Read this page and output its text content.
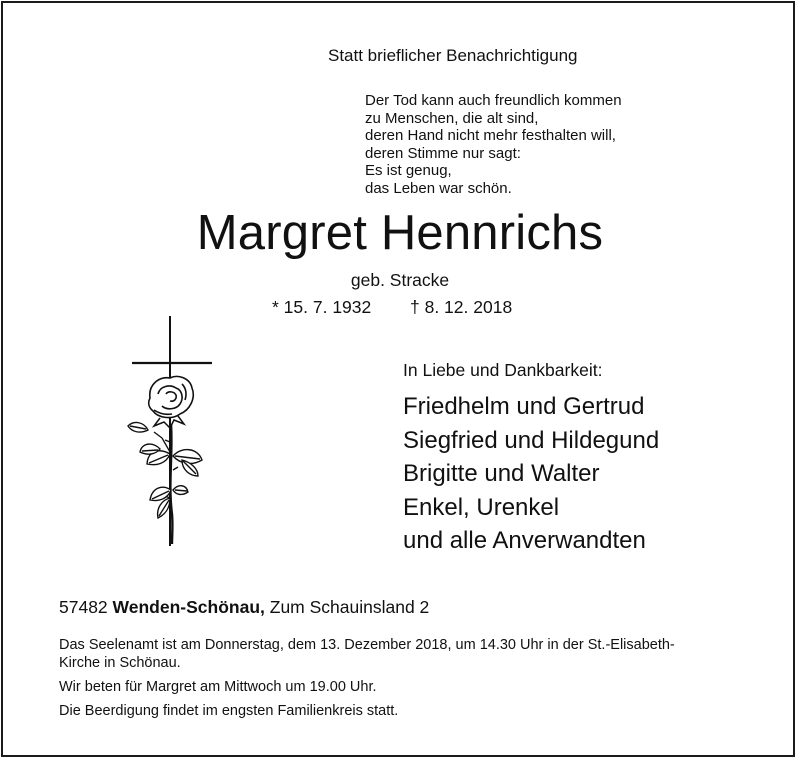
Statt brieflicher Benachrichtigung
Der Tod kann auch freundlich kommen
zu Menschen, die alt sind,
deren Hand nicht mehr festhalten will,
deren Stimme nur sagt:
Es ist genug,
das Leben war schön.
Margret Hennrichs
geb. Stracke
* 15. 7. 1932 † 8. 12. 2018
In Liebe und Dankbarkeit:
Friedhelm und Gertrud
Siegfried und Hildegund
Brigitte und Walter
Enkel, Urenkel
und alle Anverwandten
57482 Wenden-Schönau, Zum Schauinsland 2

Das Seelenamt ist am Donnerstag, dem 13. Dezember 2018, um 14.30 Uhr in der St.-Elisabeth-
Kirche in Schönau.

Wir beten für Margret am Mittwoch um 19.00 Uhr.

Die Beerdigung findet im engsten Familienkreis statt.
